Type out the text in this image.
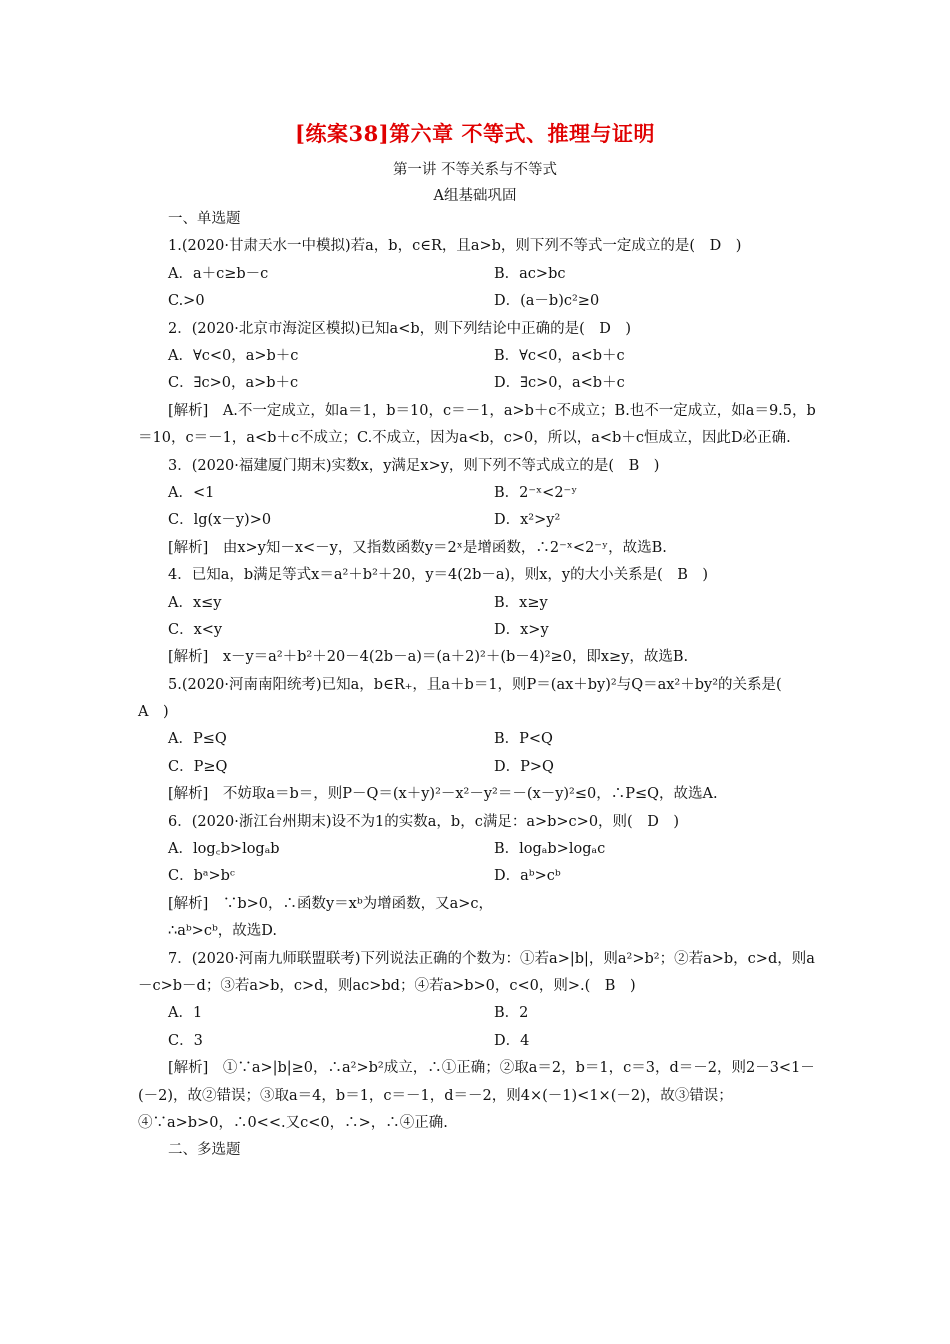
[练案38]第六章 不等式、推理与证明
第一讲 不等关系与不等式
A组基础巩固
一、单选题
1.(2020·甘肃天水一中模拟)若a，b，c∈R，且a>b，则下列不等式一定成立的是(　D　)
A．a＋c≥b－c	B．ac>bc
C.>0	D．(a－b)c²≥0
2．(2020·北京市海淀区模拟)已知a<b，则下列结论中正确的是(　D　)
A．∀c<0，a>b＋c	B．∀c<0，a<b＋c
C．∃c>0，a>b＋c	D．∃c>0，a<b＋c
[解析]　A.不一定成立，如a＝1，b＝10，c＝－1，a>b＋c不成立；B.也不一定成立，如a＝9.5，b＝10，c＝－1，a<b＋c不成立；C.不成立，因为a<b，c>0，所以，a<b＋c恒成立，因此D必正确.
3．(2020·福建厦门期末)实数x，y满足x>y，则下列不等式成立的是(　B　)
A．<1	B．2⁻ˣ<2⁻ʸ
C．lg(x－y)>0	D．x²>y²
[解析]　由x>y知－x<－y，又指数函数y＝2ˣ是增函数，∴2⁻ˣ<2⁻ʸ，故选B.
4．已知a，b满足等式x＝a²＋b²＋20，y＝4(2b－a)，则x，y的大小关系是(　B　)
A．x≤y	B．x≥y
C．x<y	D．x>y
[解析]　x－y＝a²＋b²＋20－4(2b－a)＝(a＋2)²＋(b－4)²≥0，即x≥y，故选B.
5.(2020·河南南阳统考)已知a，b∈R₊，且a＋b＝1，则P＝(ax＋by)²与Q＝ax²＋by²的关系是(　A　)
A．P≤Q	B．P<Q
C．P≥Q	D．P>Q
[解析]　不妨取a＝b＝，则P－Q＝(x＋y)²－x²－y²＝－(x－y)²≤0，∴P≤Q，故选A.
6．(2020·浙江台州期末)设不为1的实数a，b，c满足：a>b>c>0，则(　D　)
A．log꜀b>logₐb	B．logₐb>logₐc
C．bᵃ>bᶜ	D．aᵇ>cᵇ
[解析]　∵b>0，∴函数y＝xᵇ为增函数，又a>c，
∴aᵇ>cᵇ，故选D.
7．(2020·河南九师联盟联考)下列说法正确的个数为：①若a>|b|，则a²>b²；②若a>b，c>d，则a－c>b－d；③若a>b，c>d，则ac>bd；④若a>b>0，c<0，则>.(　B　)
A．1	B．2
C．3	D．4
[解析]　①∵a>|b|≥0，∴a²>b²成立，∴①正确；②取a＝2，b＝1，c＝3，d＝－2，则2－3<1－(－2)，故②错误；③取a＝4，b＝1，c＝－1，d＝－2，则4×(－1)<1×(－2)，故③错误；④∵a>b>0，∴0<<.又c<0，∴>，∴④正确.
二、多选题
